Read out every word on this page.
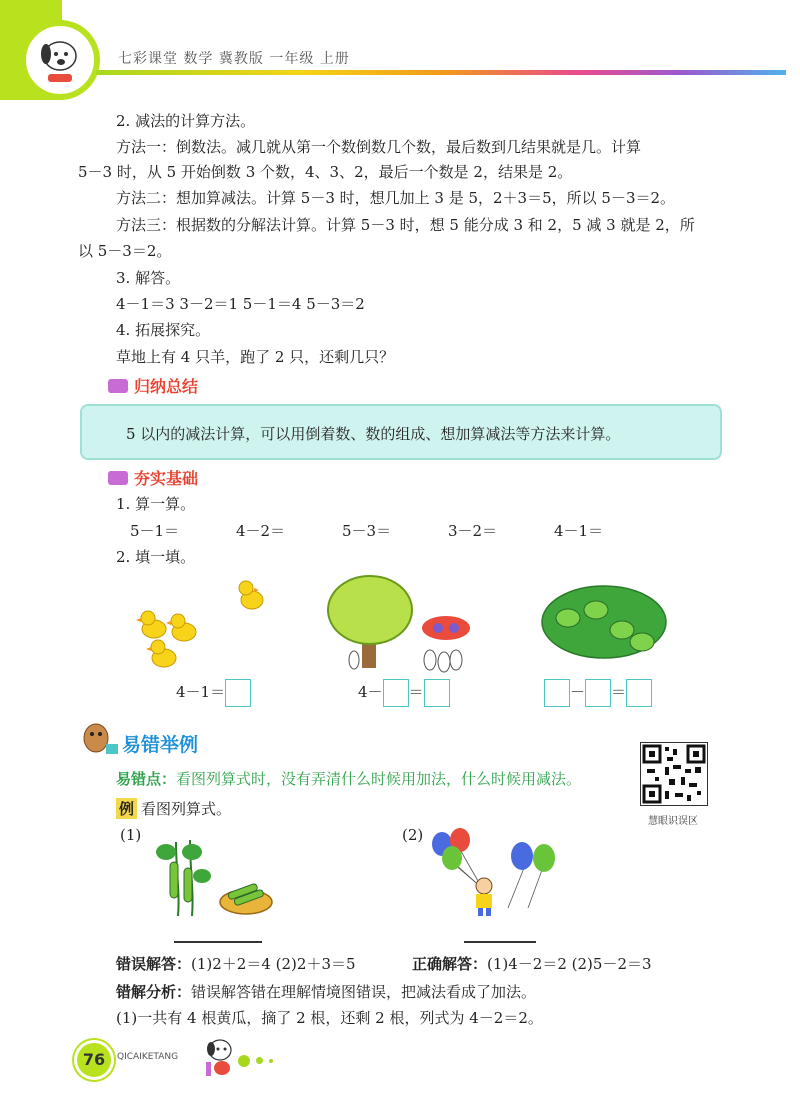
七彩课堂 数学 冀教版 一年级 上册
2. 减法的计算方法。
方法一：倒数法。减几就从第一个数倒数几个数，最后数到几结果就是几。计算
5－3 时，从 5 开始倒数 3 个数，4、3、2，最后一个数是 2，结果是 2。
方法二：想加算减法。计算 5－3 时，想几加上 3 是 5，2＋3＝5，所以 5－3＝2。
方法三：根据数的分解法计算。计算 5－3 时，想 5 能分成 3 和 2，5 减 3 就是 2，所
以 5－3＝2。
3. 解答。
4－1＝3 3－2＝1 5－1＝4 5－3＝2
4. 拓展探究。
草地上有 4 只羊，跑了 2 只，还剩几只？
归纳总结
5 以内的减法计算，可以用倒着数、数的组成、想加算减法等方法来计算。
夯实基础
1. 算一算。
5－1＝	4－2＝	5－3＝	3－2＝	4－1＝
2. 填一填。
4－1＝	4－ ＝	－ ＝
易错举例
易错点：看图列算式时，没有弄清什么时候用加法，什么时候用减法。
例 看图列算式。
慧眼识误区
(1)	(2)
错误解答：(1)2＋2＝4 (2)2＋3＝5	正确解答：(1)4－2＝2 (2)5－2＝3
错解分析：错误解答错在理解情境图错误，把减法看成了加法。
(1)一共有 4 根黄瓜，摘了 2 根，还剩 2 根，列式为 4－2＝2。
76	QICAIKETANG
